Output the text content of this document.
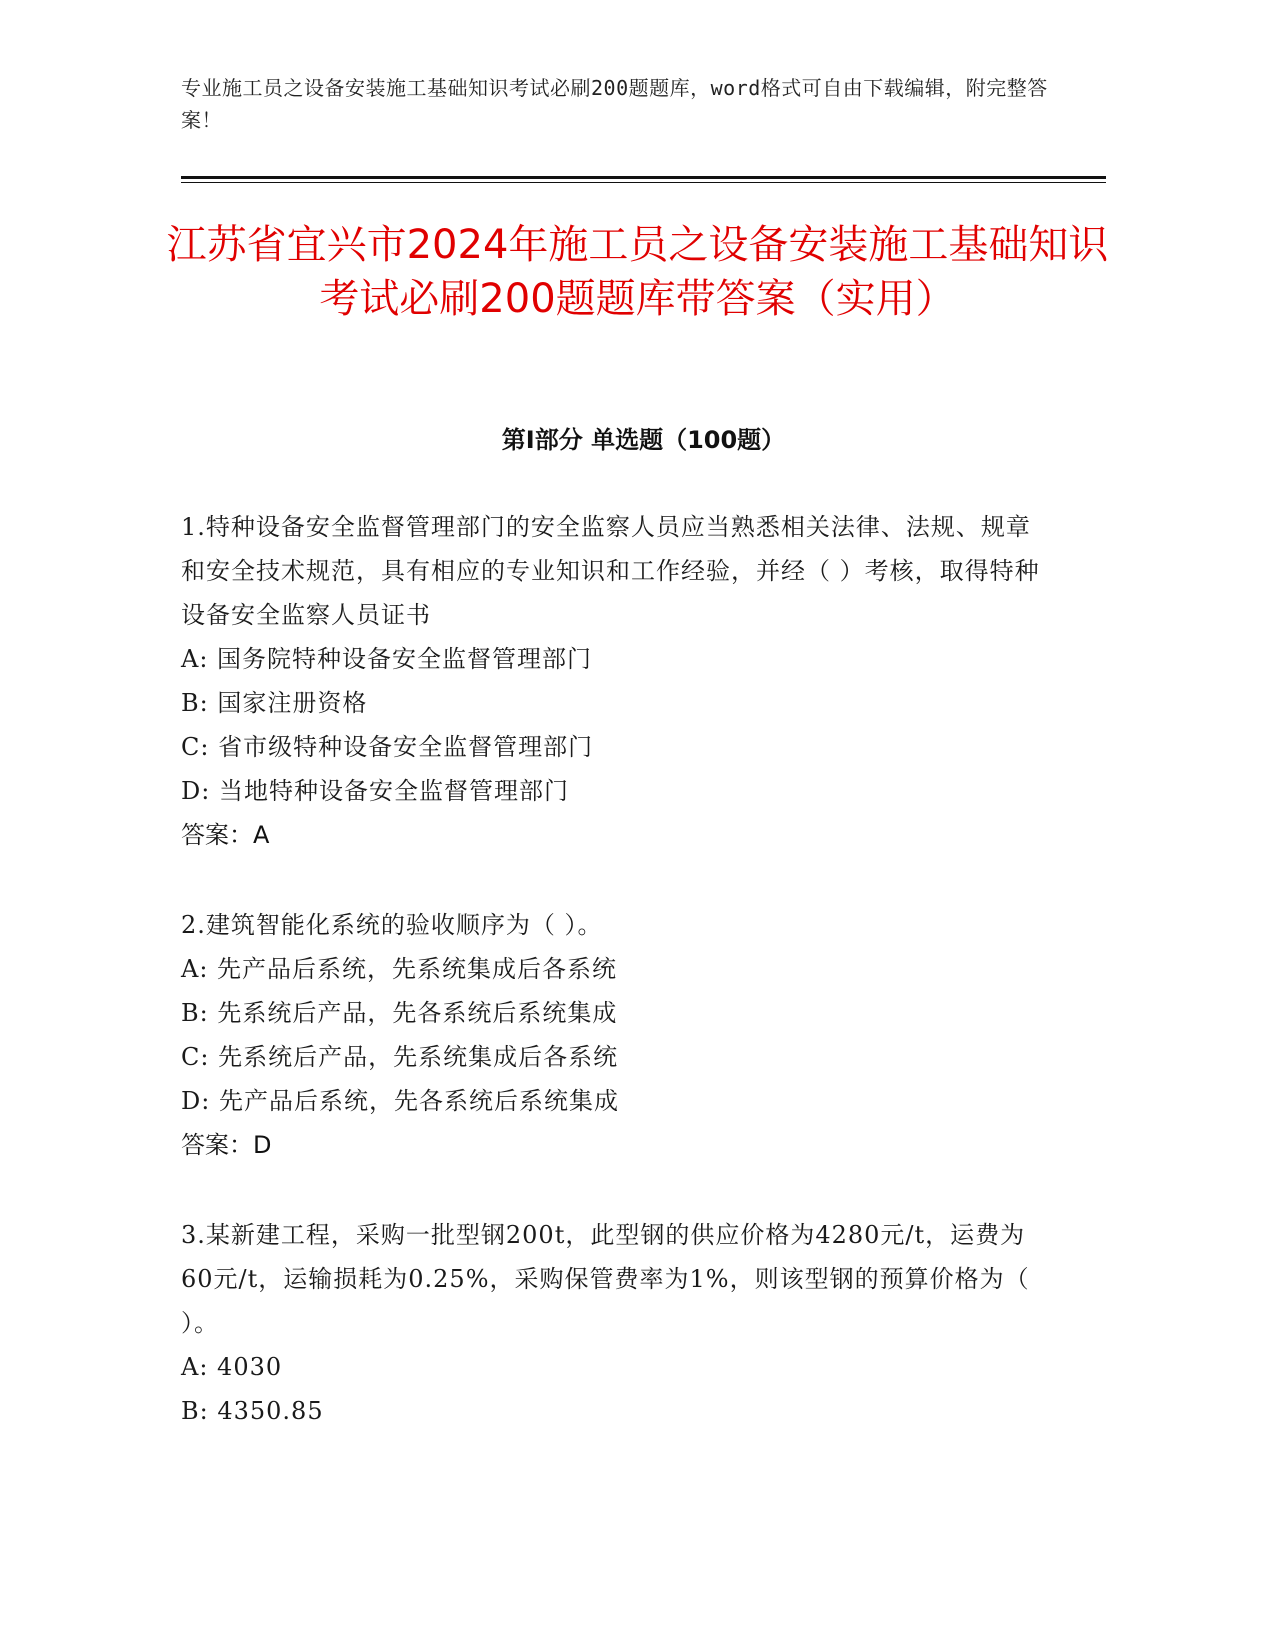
专业施工员之设备安装施工基础知识考试必刷200题题库，word格式可自由下载编辑，附完整答案！
江苏省宜兴市2024年施工员之设备安装施工基础知识考试必刷200题题库带答案（实用）
第I部分 单选题（100题）
1.特种设备安全监督管理部门的安全监察人员应当熟悉相关法律、法规、规章和安全技术规范，具有相应的专业知识和工作经验，并经（ ）考核，取得特种设备安全监察人员证书
A: 国务院特种设备安全监督管理部门
B: 国家注册资格
C: 省市级特种设备安全监督管理部门
D: 当地特种设备安全监督管理部门
答案：A
2.建筑智能化系统的验收顺序为（ ）。
A: 先产品后系统，先系统集成后各系统
B: 先系统后产品，先各系统后系统集成
C: 先系统后产品，先系统集成后各系统
D: 先产品后系统，先各系统后系统集成
答案：D
3.某新建工程，采购一批型钢200t，此型钢的供应价格为4280元/t，运费为60元/t，运输损耗为0.25%，采购保管费率为1%，则该型钢的预算价格为（ ）。
A: 4030
B: 4350.85
